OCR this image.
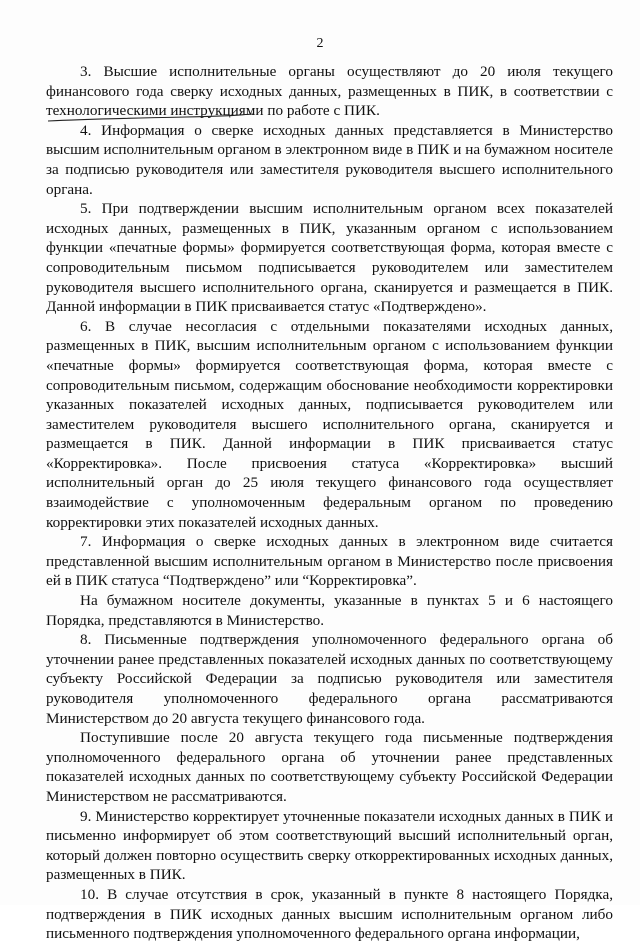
2

3. Высшие исполнительные органы осуществляют до 20 июля текущего финансового года сверку исходных данных, размещенных в ПИК, в соответствии с технологическими инструкциями по работе с ПИК.

4. Информация о сверке исходных данных представляется в Министерство высшим исполнительным органом в электронном виде в ПИК и на бумажном носителе за подписью руководителя или заместителя руководителя высшего исполнительного органа.

5. При подтверждении высшим исполнительным органом всех показателей исходных данных, размещенных в ПИК, указанным органом с использованием функции «печатные формы» формируется соответствующая форма, которая вместе с сопроводительным письмом подписывается руководителем или заместителем руководителя высшего исполнительного органа, сканируется и размещается в ПИК. Данной информации в ПИК присваивается статус «Подтверждено».

6. В случае несогласия с отдельными показателями исходных данных, размещенных в ПИК, высшим исполнительным органом с использованием функции «печатные формы» формируется соответствующая форма, которая вместе с сопроводительным письмом, содержащим обоснование необходимости корректировки указанных показателей исходных данных, подписывается руководителем или заместителем руководителя высшего исполнительного органа, сканируется и размещается в ПИК. Данной информации в ПИК присваивается статус «Корректировка». После присвоения статуса «Корректировка» высший исполнительный орган до 25 июля текущего финансового года осуществляет взаимодействие с уполномоченным федеральным органом по проведению корректировки этих показателей исходных данных.

7. Информация о сверке исходных данных в электронном виде считается представленной высшим исполнительным органом в Министерство после присвоения ей в ПИК статуса “Подтверждено” или “Корректировка”.

На бумажном носителе документы, указанные в пунктах 5 и 6 настоящего Порядка, представляются в Министерство.

8. Письменные подтверждения уполномоченного федерального органа об уточнении ранее представленных показателей исходных данных по соответствующему субъекту Российской Федерации за подписью руководителя или заместителя руководителя уполномоченного федерального органа рассматриваются Министерством до 20 августа текущего финансового года.

Поступившие после 20 августа текущего года письменные подтверждения уполномоченного федерального органа об уточнении ранее представленных показателей исходных данных по соответствующему субъекту Российской Федерации Министерством не рассматриваются.

9. Министерство корректирует уточненные показатели исходных данных в ПИК и письменно информирует об этом соответствующий высший исполнительный орган, который должен повторно осуществить сверку откорректированных исходных данных, размещенных в ПИК.

10. В случае отсутствия в срок, указанный в пункте 8 настоящего Порядка, подтверждения в ПИК исходных данных высшим исполнительным органом либо письменного подтверждения уполномоченного федерального органа информации,
